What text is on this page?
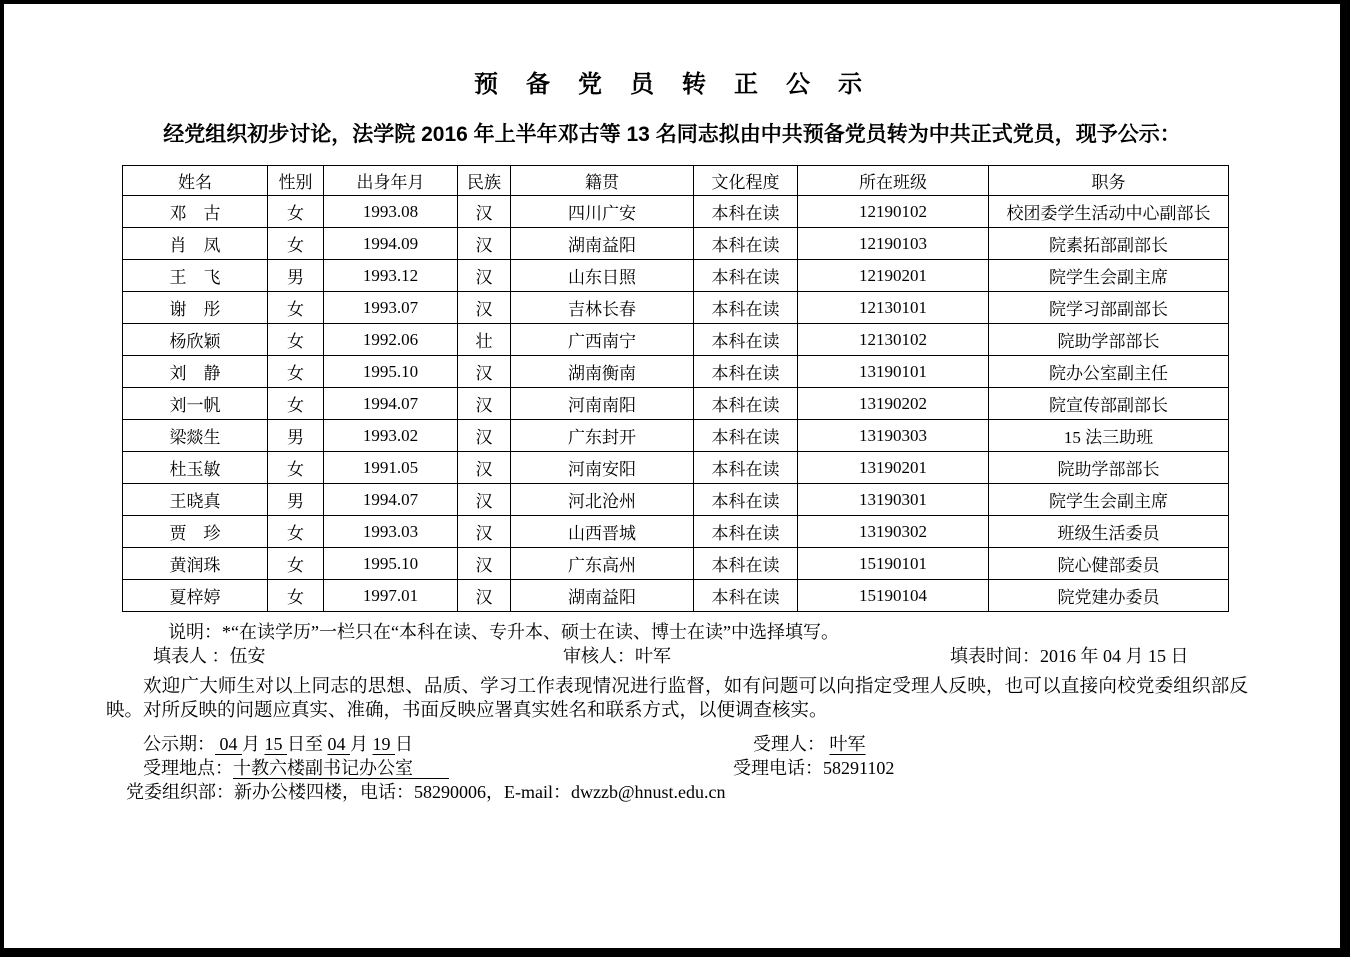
预 备 党 员 转 正 公 示
经党组织初步讨论，法学院 2016 年上半年邓古等 13 名同志拟由中共预备党员转为中共正式党员，现予公示：
姓名	性别	出身年月	民族	籍贯	文化程度	所在班级	职务
邓　古	女	1993.08	汉	四川广安	本科在读	12190102	校团委学生活动中心副部长
肖　凤	女	1994.09	汉	湖南益阳	本科在读	12190103	院素拓部副部长
王　飞	男	1993.12	汉	山东日照	本科在读	12190201	院学生会副主席
谢　彤	女	1993.07	汉	吉林长春	本科在读	12130101	院学习部副部长
杨欣颖	女	1992.06	壮	广西南宁	本科在读	12130102	院助学部部长
刘　静	女	1995.10	汉	湖南衡南	本科在读	13190101	院办公室副主任
刘一帆	女	1994.07	汉	河南南阳	本科在读	13190202	院宣传部副部长
梁燚生	男	1993.02	汉	广东封开	本科在读	13190303	15 法三助班
杜玉敏	女	1991.05	汉	河南安阳	本科在读	13190201	院助学部部长
王晓真	男	1994.07	汉	河北沧州	本科在读	13190301	院学生会副主席
贾　珍	女	1993.03	汉	山西晋城	本科在读	13190302	班级生活委员
黄润珠	女	1995.10	汉	广东高州	本科在读	15190101	院心健部委员
夏梓婷	女	1997.01	汉	湖南益阳	本科在读	15190104	院党建办委员
说明：*“在读学历”一栏只在“本科在读、专升本、硕士在读、博士在读”中选择填写。
填表人 ：伍安	审核人：叶军	填表时间：2016 年 04 月 15 日
欢迎广大师生对以上同志的思想、品质、学习工作表现情况进行监督，如有问题可以向指定受理人反映，也可以直接向校党委组织部反映。对所反映的问题应真实、准确，书面反映应署真实姓名和联系方式，以便调查核实。
公示期： 04 月 15 日至 04 月 19 日	受理人： 叶军
受理地点：十教六楼副书记办公室　　	受理电话：58291102
党委组织部：新办公楼四楼，电话：58290006，E-mail：dwzzb@hnust.edu.cn
